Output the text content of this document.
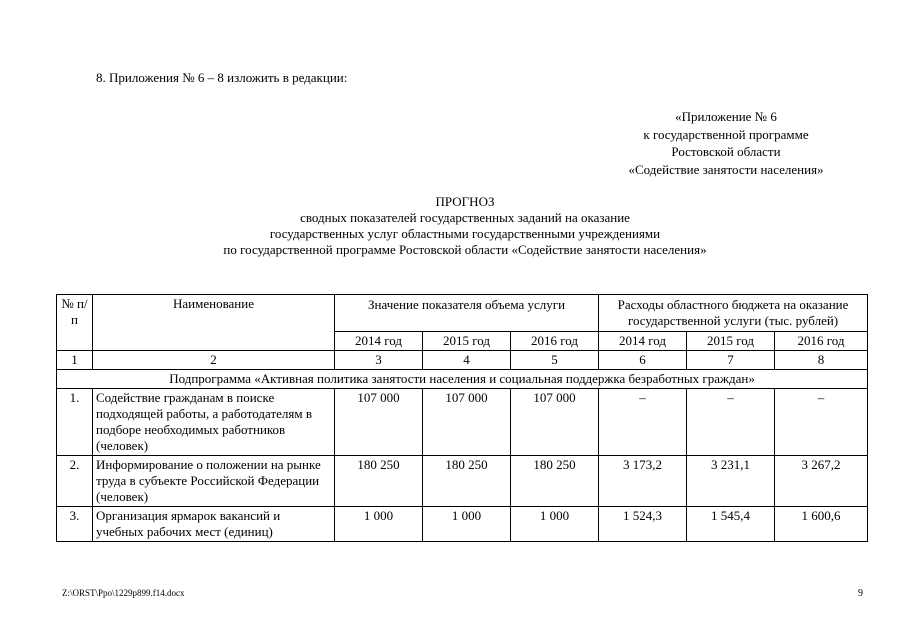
8. Приложения № 6 – 8 изложить в редакции:
«Приложение № 6
к государственной программе
Ростовской области
«Содействие занятости населения»
ПРОГНОЗ
сводных показателей государственных заданий на оказание
государственных услуг областными государственными учреждениями
по государственной программе Ростовской области «Содействие занятости населения»
№ п/п	Наименование	Значение показателя объема услуги			Расходы областного бюджета на оказание государственной услуги (тыс. рублей)		
		2014 год	2015 год	2016 год	2014 год	2015 год	2016 год
1	2	3	4	5	6	7	8
Подпрограмма «Активная политика занятости населения и социальная поддержка безработных граждан»							
1.	Содействие гражданам в поиске подходящей работы, а работодателям в подборе необходимых работников (человек)	107 000	107 000	107 000	–	–	–
2.	Информирование о положении на рынке труда в субъекте Российской Федерации (человек)	180 250	180 250	180 250	3 173,2	3 231,1	3 267,2
3.	Организация ярмарок вакансий и учебных рабочих мест (единиц)	1 000	1 000	1 000	1 524,3	1 545,4	1 600,6
Z:\ORST\Ppo\1229p899.f14.docx	9
